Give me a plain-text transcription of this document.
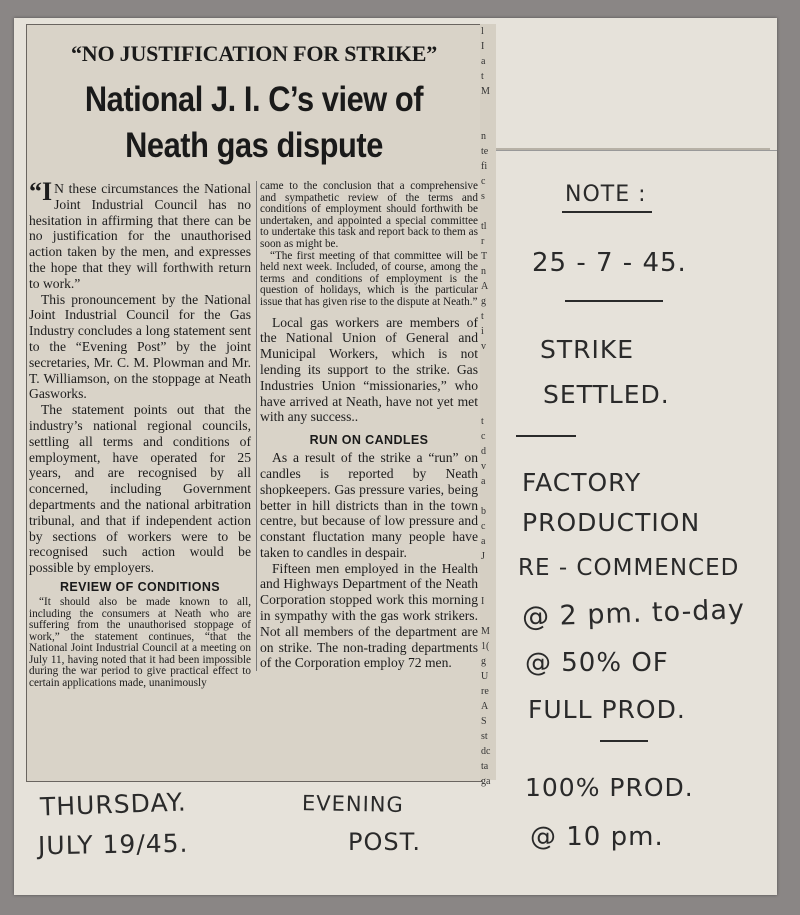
“NO JUSTIFICATION FOR STRIKE”
National J. I. C’s view of
Neath gas dispute

“I N these circumstances the National Joint Industrial Council has no hesitation in affirming that there can be no justification for the unauthorised action taken by the men, and expresses the hope that they will forthwith return to work.”

This pronouncement by the National Joint Industrial Council for the Gas Industry concludes a long statement sent to the “Evening Post” by the joint secretaries, Mr. C. M. Plowman and Mr. T. Williamson, on the stoppage at Neath Gasworks.

The statement points out that the industry’s national regional councils, settling all terms and conditions of employment, have operated for 25 years, and are recognised by all concerned, including Government departments and the national arbitration tribunal, and that if independent action by sections of workers were to be recognised such action would be possible by employers.

REVIEW OF CONDITIONS

“It should also be made known to all, including the consumers at Neath who are suffering from the unauthorised stoppage of work,” the statement continues, “that the National Joint Industrial Council at a meeting on July 11, having noted that it had been impossible during the war period to give practical effect to certain applications made, unanimously

came to the conclusion that a comprehensive and sympathetic review of the terms and conditions of employment should forthwith be undertaken, and appointed a special committee to undertake this task and report back to them as soon as might be.

“The first meeting of that committee will be held next week. Included, of course, among the terms and conditions of employment is the question of holidays, which is the particular issue that has given rise to the dispute at Neath.”

Local gas workers are members of the National Union of General and Municipal Workers, which is not lending its support to the strike. Gas Industries Union “missionaries,” who have arrived at Neath, have not yet met with any success..

RUN ON CANDLES

As a result of the strike a “run” on candles is reported by Neath shopkeepers. Gas pressure varies, being better in hill districts than in the town centre, but because of low pressure and constant fluctation many people have taken to candles in despair.

Fifteen men employed in the Health and Highways Department of the Neath Corporation stopped work this morning in sympathy with the gas work strikers. Not all members of the department are on strike. The non-trading departments of the Corporation employ 72 men.

l
I
a
t
M

n
te
fi
c
s

tl
r
T
n
A
g
t
i
v

t
c
d
v
a

b
c
a
J

I

M
1(
g
U
re
A
S
st
dc
ta
ga
THURSDAY.
JULY 19/45.
EVENING
POST.
NOTE :
25 - 7 - 45.
STRIKE
SETTLED.
FACTORY
PRODUCTION
RE - COMMENCED
@ 2 pm. to-day
@ 50% OF
FULL PROD.
100% PROD.
@ 10 pm.
